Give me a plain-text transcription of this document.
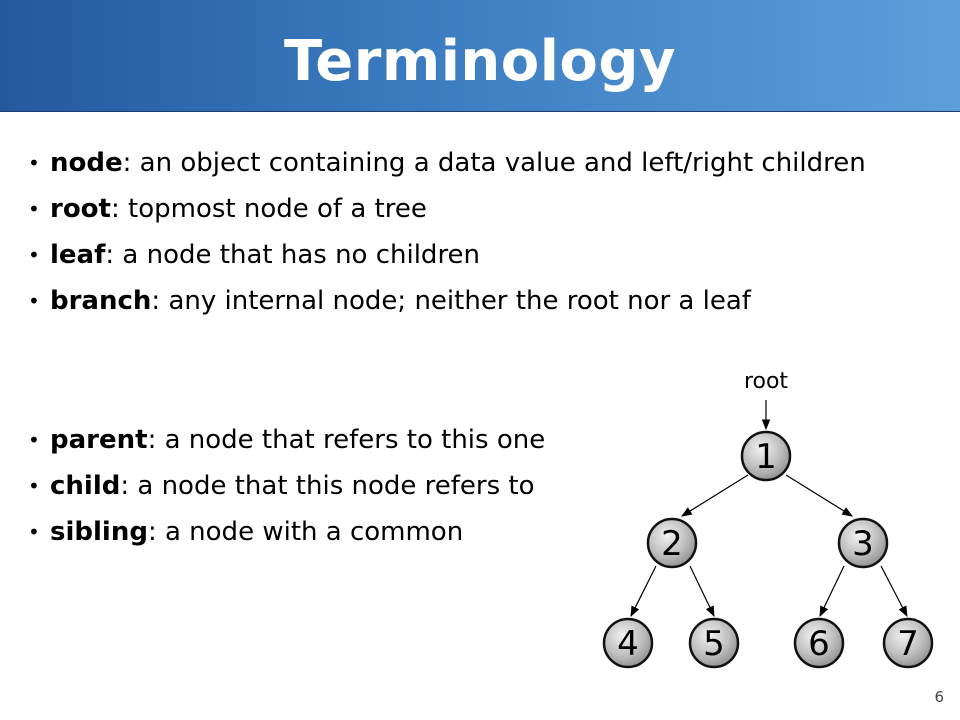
Terminology
• node: an object containing a data value and left/right children
• root: topmost node of a tree
• leaf: a node that has no children
• branch: any internal node; neither the root nor a leaf
• parent: a node that refers to this one
• child: a node that this node refers to
• sibling: a node with a common
root
1
2	3
4 5 6 7
6
